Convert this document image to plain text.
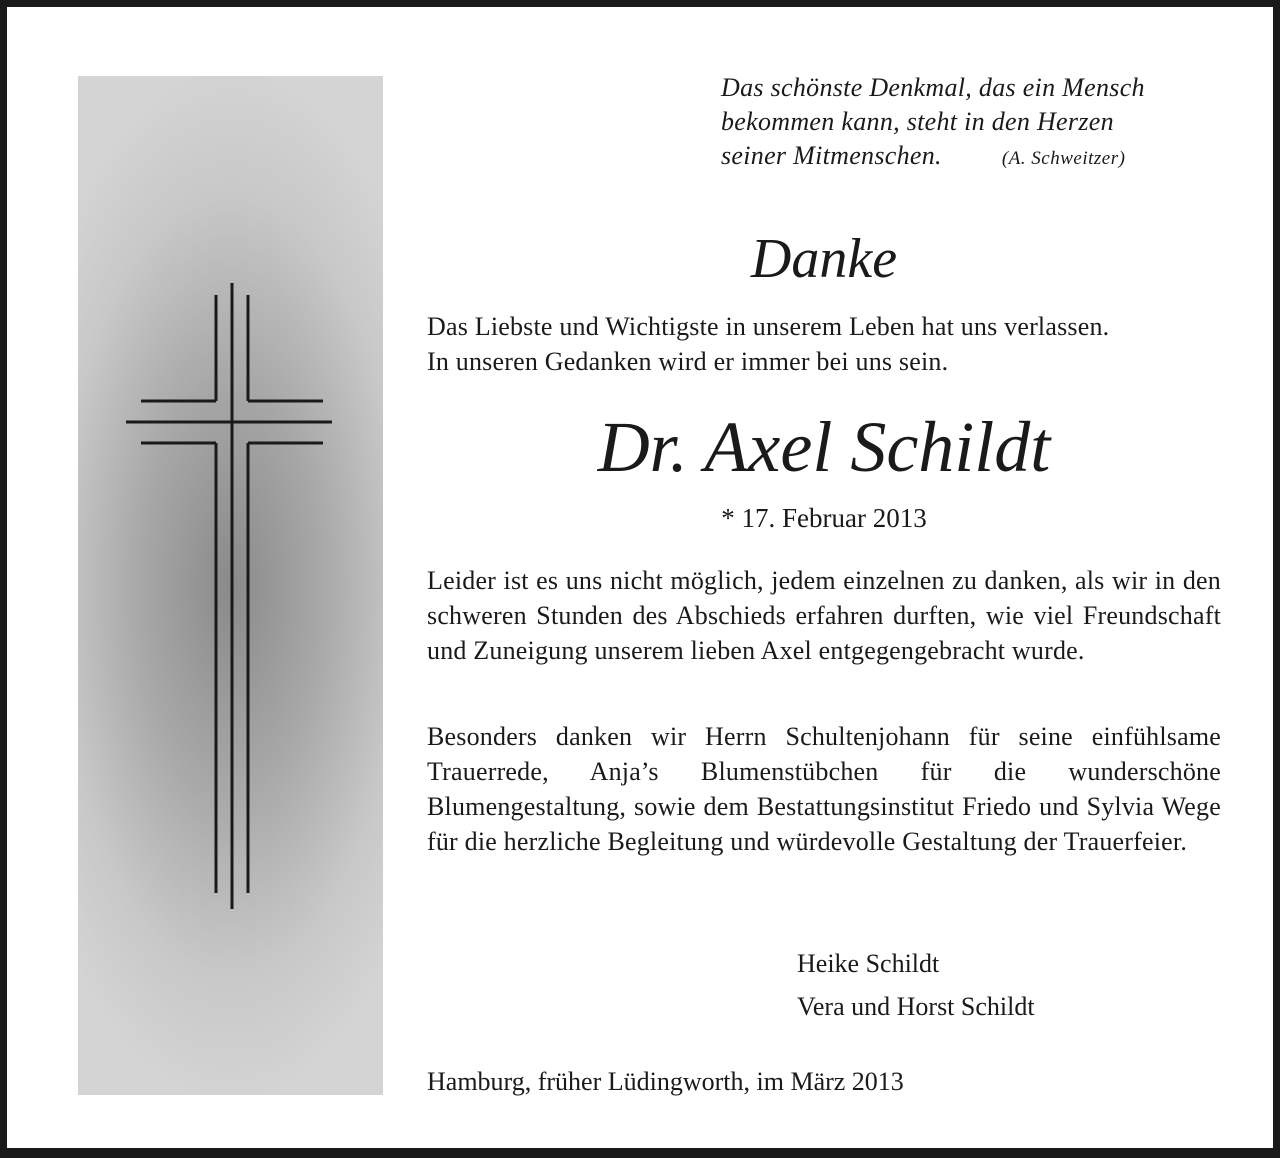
Das schönste Denkmal, das ein Mensch
bekommen kann, steht in den Herzen
seiner Mitmenschen.	(A. Schweitzer)
Danke
Das Liebste und Wichtigste in unserem Leben hat uns verlassen.
In unseren Gedanken wird er immer bei uns sein.
Dr. Axel Schildt
* 17. Februar 2013
Leider ist es uns nicht möglich, jedem einzelnen zu danken, als wir in den schweren Stunden des Abschieds erfahren durften, wie viel Freundschaft und Zuneigung unserem lieben Axel entgegengebracht wurde.
Besonders danken wir Herrn Schultenjohann für seine einfühlsame Trauerrede, Anja’s Blumenstübchen für die wunderschöne Blumengestaltung, sowie dem Bestattungsinstitut Friedo und Sylvia Wege für die herzliche Begleitung und würdevolle Gestaltung der Trauerfeier.
Heike Schildt
Vera und Horst Schildt
Hamburg, früher Lüdingworth, im März 2013
